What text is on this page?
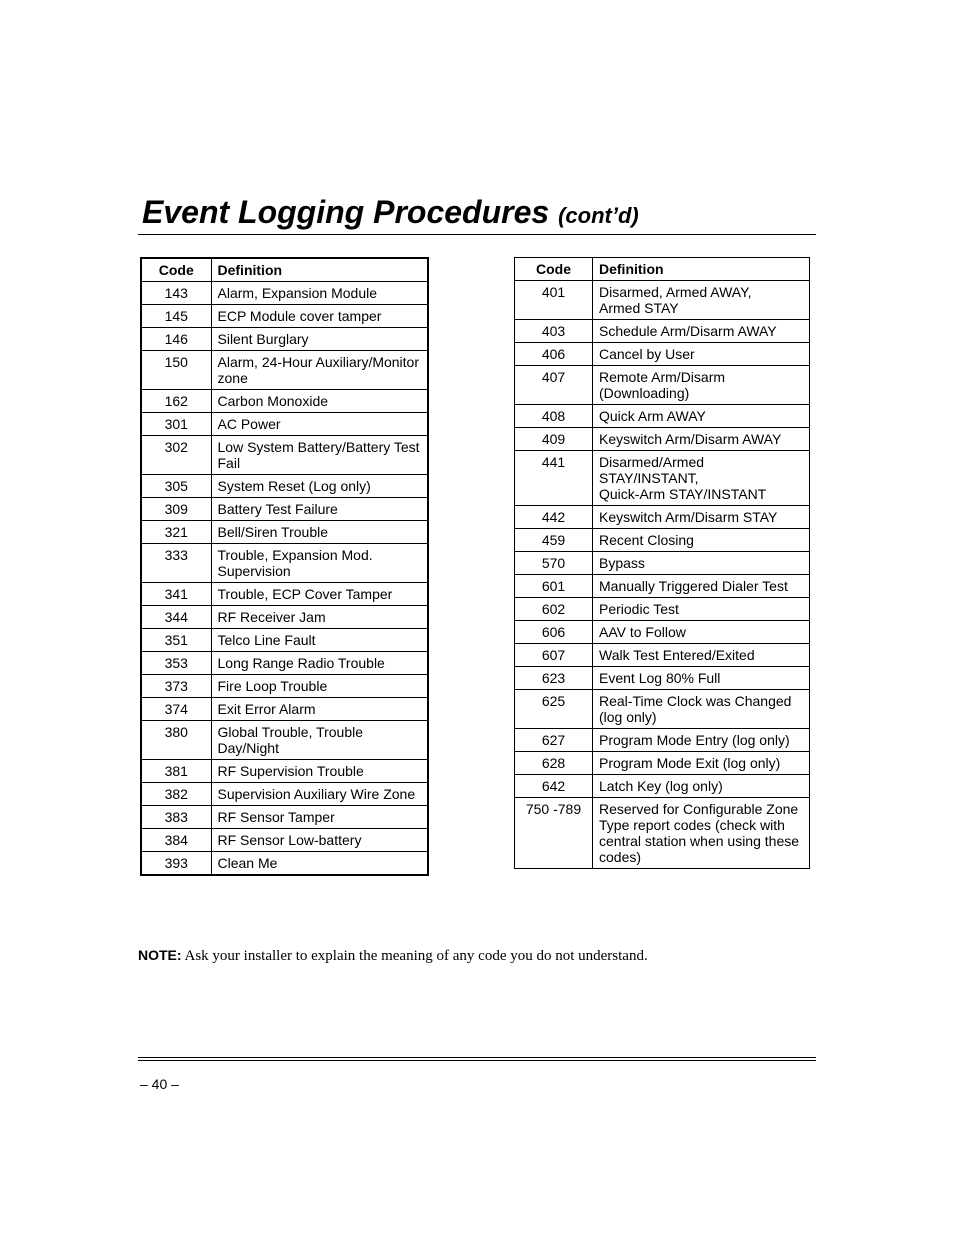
Event Logging Procedures (cont’d)
Code	Definition
143	Alarm, Expansion Module
145	ECP Module cover tamper
146	Silent Burglary
150	Alarm, 24-Hour Auxiliary/Monitor
zone
162	Carbon Monoxide
301	AC Power
302	Low System Battery/Battery Test
Fail
305	System Reset (Log only)
309	Battery Test Failure
321	Bell/Siren Trouble
333	Trouble, Expansion Mod.
Supervision
341	Trouble, ECP Cover Tamper
344	RF Receiver Jam
351	Telco Line Fault
353	Long Range Radio Trouble
373	Fire Loop Trouble
374	Exit Error Alarm
380	Global Trouble, Trouble
Day/Night
381	RF Supervision Trouble
382	Supervision Auxiliary Wire Zone
383	RF Sensor Tamper
384	RF Sensor Low-battery
393	Clean Me
Code	Definition
401	Disarmed, Armed AWAY,
Armed STAY
403	Schedule Arm/Disarm AWAY
406	Cancel by User
407	Remote Arm/Disarm
(Downloading)
408	Quick Arm AWAY
409	Keyswitch Arm/Disarm AWAY
441	Disarmed/Armed
STAY/INSTANT,
Quick-Arm STAY/INSTANT
442	Keyswitch Arm/Disarm STAY
459	Recent Closing
570	Bypass
601	Manually Triggered Dialer Test
602	Periodic Test
606	AAV to Follow
607	Walk Test Entered/Exited
623	Event Log 80% Full
625	Real-Time Clock was Changed
(log only)
627	Program Mode Entry (log only)
628	Program Mode Exit (log only)
642	Latch Key (log only)
750 -789	Reserved for Configurable Zone
Type report codes (check with
central station when using these
codes)
NOTE: Ask your installer to explain the meaning of any code you do not understand.
– 40 –
